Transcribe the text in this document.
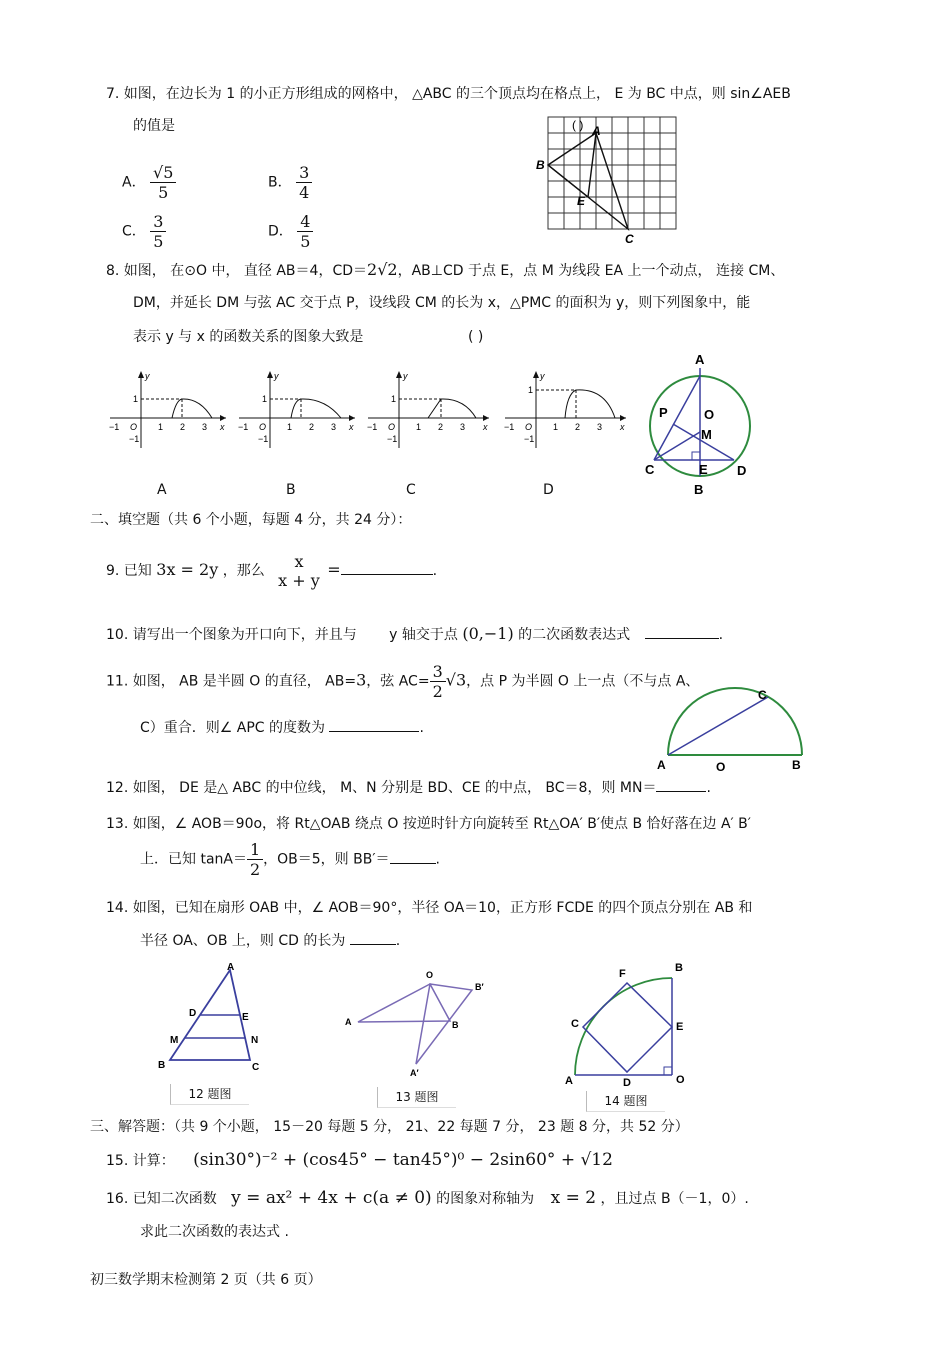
7. 如图，在边长为 1 的小正方形组成的网格中， △ABC 的三个顶点均在格点上， E 为 BC 中点，则 sin∠AEB
的值是
A． $\frac{√5}{5}$	B． $\frac{3}{4}$
C． $\frac{3}{5}$	D． $\frac{4}{5}$
( ) A
B
C
E
8. 如图， 在⊙O 中， 直径 AB＝4，CD＝2√2，AB⊥CD 于点 E，点 M 为线段 EA 上一个动点， 连接 CM、
DM，并延长 DM 与弦 AC 交于点 P，设线段 CM 的长为 x，△PMC 的面积为 y，则下列图象中，能
表示 y 与 x 的函数关系的图象大致是	( )
−1 O 1 2 3 x
y
1
−1
A
−1 O 1 2 3 x
y
1
−1
B
−1 O 1 2 3 x
y
1
−1
C
−1 O 1 2 3 x
y
1
−1
D
A
B
C	D
E
M
O
P
二、填空题（共 6 个小题，每题 4 分，共 24 分）：
9. 已知 3x = 2y ，那么
x
x + y
=	.
10. 请写出一个图象为开口向下，并且与 y 轴交于点 (0,−1) 的二次函数表达式	.
11. 如图， AB 是半圆 O 的直径， AB=3，弦 $AC= \frac{3}{2} √3$，点 P 为半圆 O 上一点（不与点 A、
C）重合．则∠ APC 的度数为	.
A	B
C
O
12. 如图， DE 是△ ABC 的中位线， M、N 分别是 BD、CE 的中点， BC＝8，则 MN＝	.
13. 如图，∠ AOB＝90o，将 Rt△OAB 绕点 O 按逆时针方向旋转至 Rt△OA′ B′使点 B 恰好落在边 A′ B′
上．已知 $\tan A= \frac{1}{2}$ ，OB＝5，则 BB′＝	.
14. 如图，已知在扇形 OAB 中，∠ AOB＝90°，半径 OA＝10，正方形 FCDE 的四个顶点分别在 AB 和
半径 OA、OB 上，则 CD 的长为	.
A
B	C
D	E
M	N
12 题图
O
A	B
B′
A′
13 题图
A
B
C
D
E
F
O
14 题图
三、解答题：（共 9 个小题， 15－20 每题 5 分， 21、22 每题 7 分， 23 题 8 分，共 52 分）
15. 计算： (sin30°)⁻² + (cos45° − tan45°)⁰ − 2sin60° + √12
16. 已知二次函数 y = ax² + 4x + c(a ≠ 0) 的图象对称轴为 x = 2 ，且过点 B（－1，0）.
求此二次函数的表达式 .
初三数学期末检测第 2 页（共 6 页）
